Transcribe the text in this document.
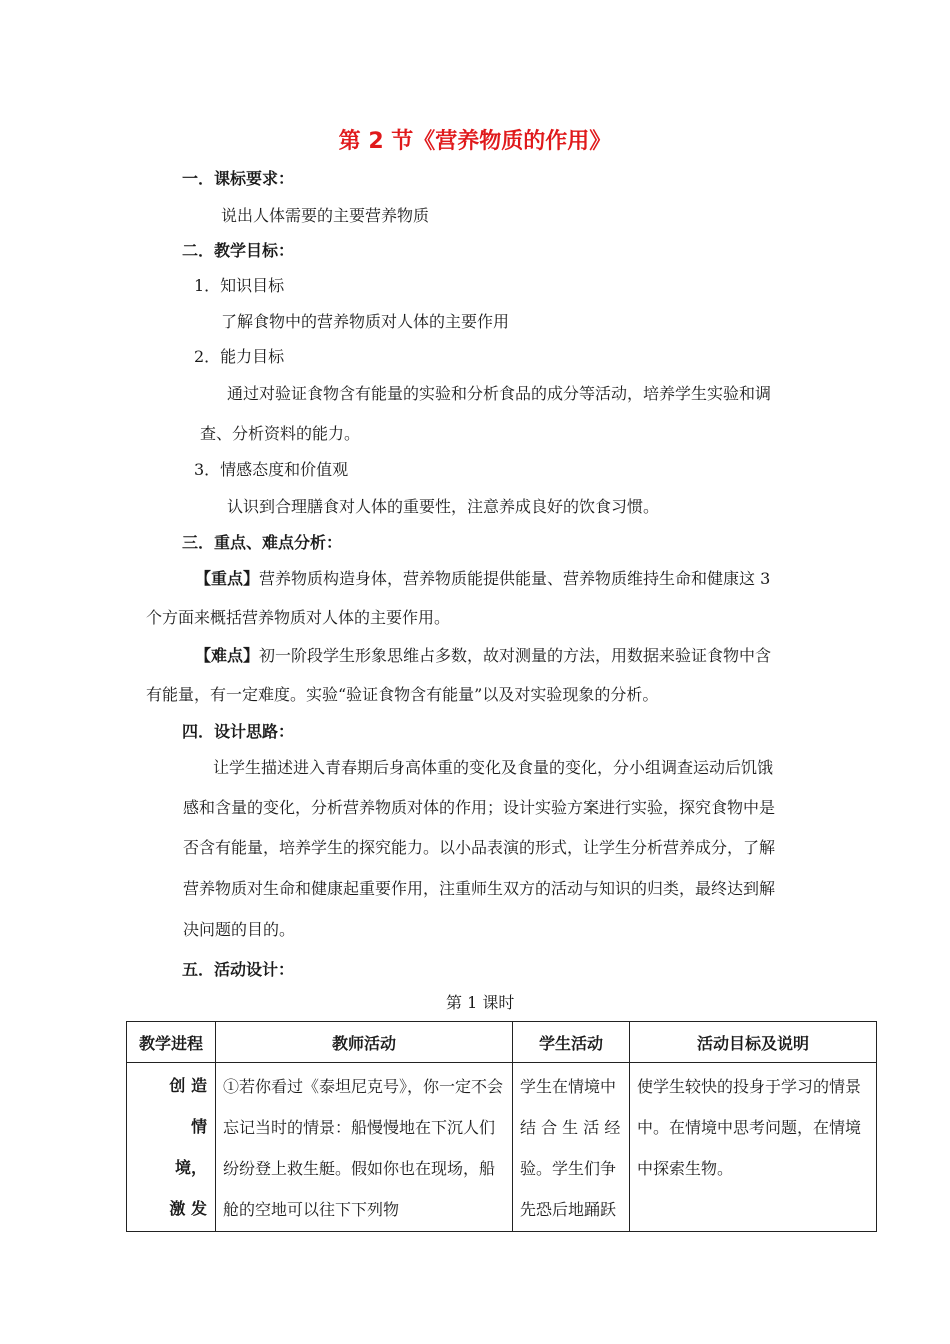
第 2 节《营养物质的作用》
一．课标要求：
说出人体需要的主要营养物质
二．教学目标：
1．知识目标
了解食物中的营养物质对人体的主要作用
2．能力目标
通过对验证食物含有能量的实验和分析食品的成分等活动，培养学生实验和调
查、分析资料的能力。
3．情感态度和价值观
认识到合理膳食对人体的重要性，注意养成良好的饮食习惯。
三．重点、难点分析：
【重点】营养物质构造身体，营养物质能提供能量、营养物质维持生命和健康这 3
个方面来概括营养物质对人体的主要作用。
【难点】初一阶段学生形象思维占多数，故对测量的方法，用数据来验证食物中含
有能量，有一定难度。实验“验证食物含有能量”以及对实验现象的分析。
四．设计思路：
让学生描述进入青春期后身高体重的变化及食量的变化，分小组调查运动后饥饿
感和含量的变化，分析营养物质对体的作用；设计实验方案进行实验，探究食物中是
否含有能量，培养学生的探究能力。以小品表演的形式，让学生分析营养成分，了解
营养物质对生命和健康起重要作用，注重师生双方的活动与知识的归类，最终达到解
决问题的目的。
五．活动设计：
第 1 课时
教学进程	教师活动	学生活动	活动目标及说明

创 造
情
境，
激 发	①若你看过《泰坦尼克号》，你一定不会忘记当时的情景：船慢慢地在下沉人们纷纷登上救生艇。假如你也在现场，船舱的空地可以往下下列物	学生在情境中结 合 生 活 经验。学生们争先恐后地踊跃	使学生较快的投身于学习的情景中。在情境中思考问题，在情境中探索生物。
